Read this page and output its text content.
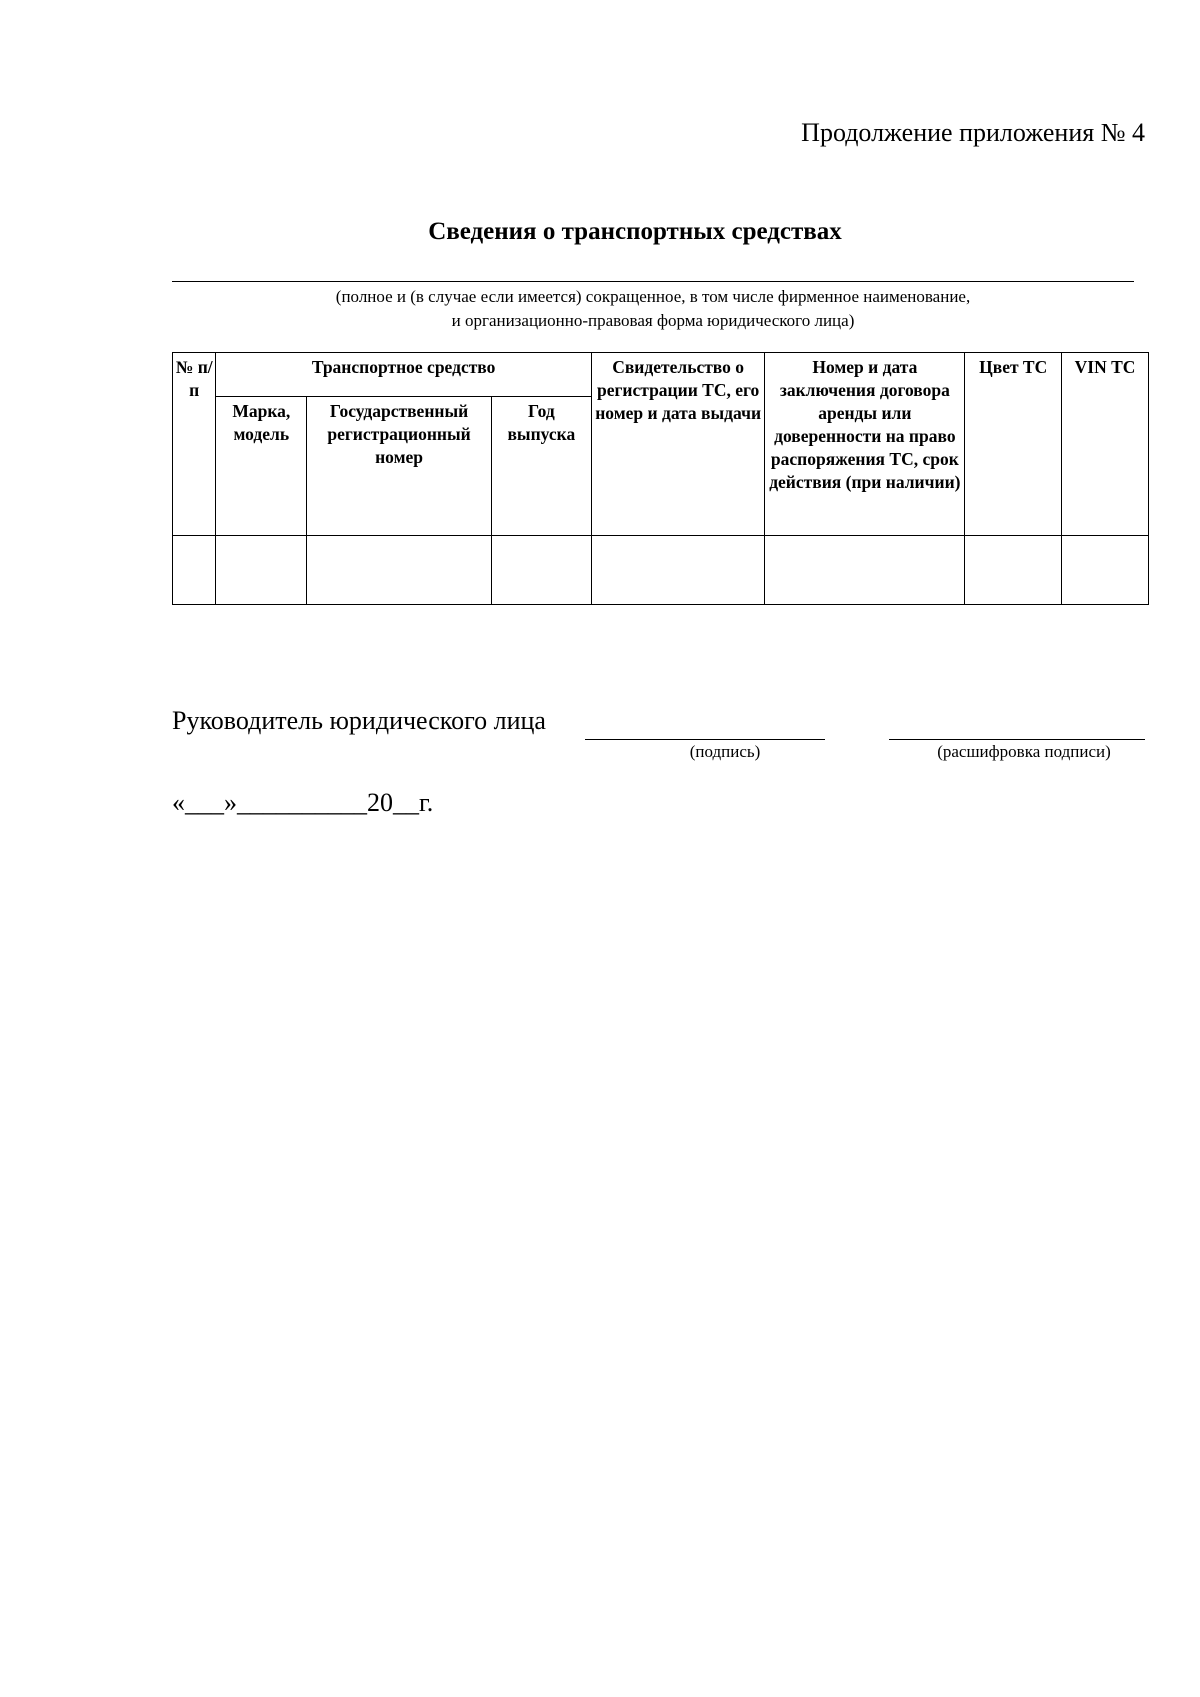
Продолжение приложения № 4
Сведения о транспортных средствах
(полное и (в случае если имеется) сокращенное, в том числе фирменное наименование,
и организационно-правовая форма юридического лица)
№ п/п	Транспортное средство			Свидетельство о регистрации ТС, его номер и дата выдачи	Номер и дата заключения договора аренды или доверенности на право распоряжения ТС, срок действия (при наличии)	Цвет ТС	VIN ТС
	Марка, модель	Государственный регистрационный номер	Год выпуска				

Руководитель юридического лица
(подпись)	(расшифровка подписи)
«___»__________20__г.
